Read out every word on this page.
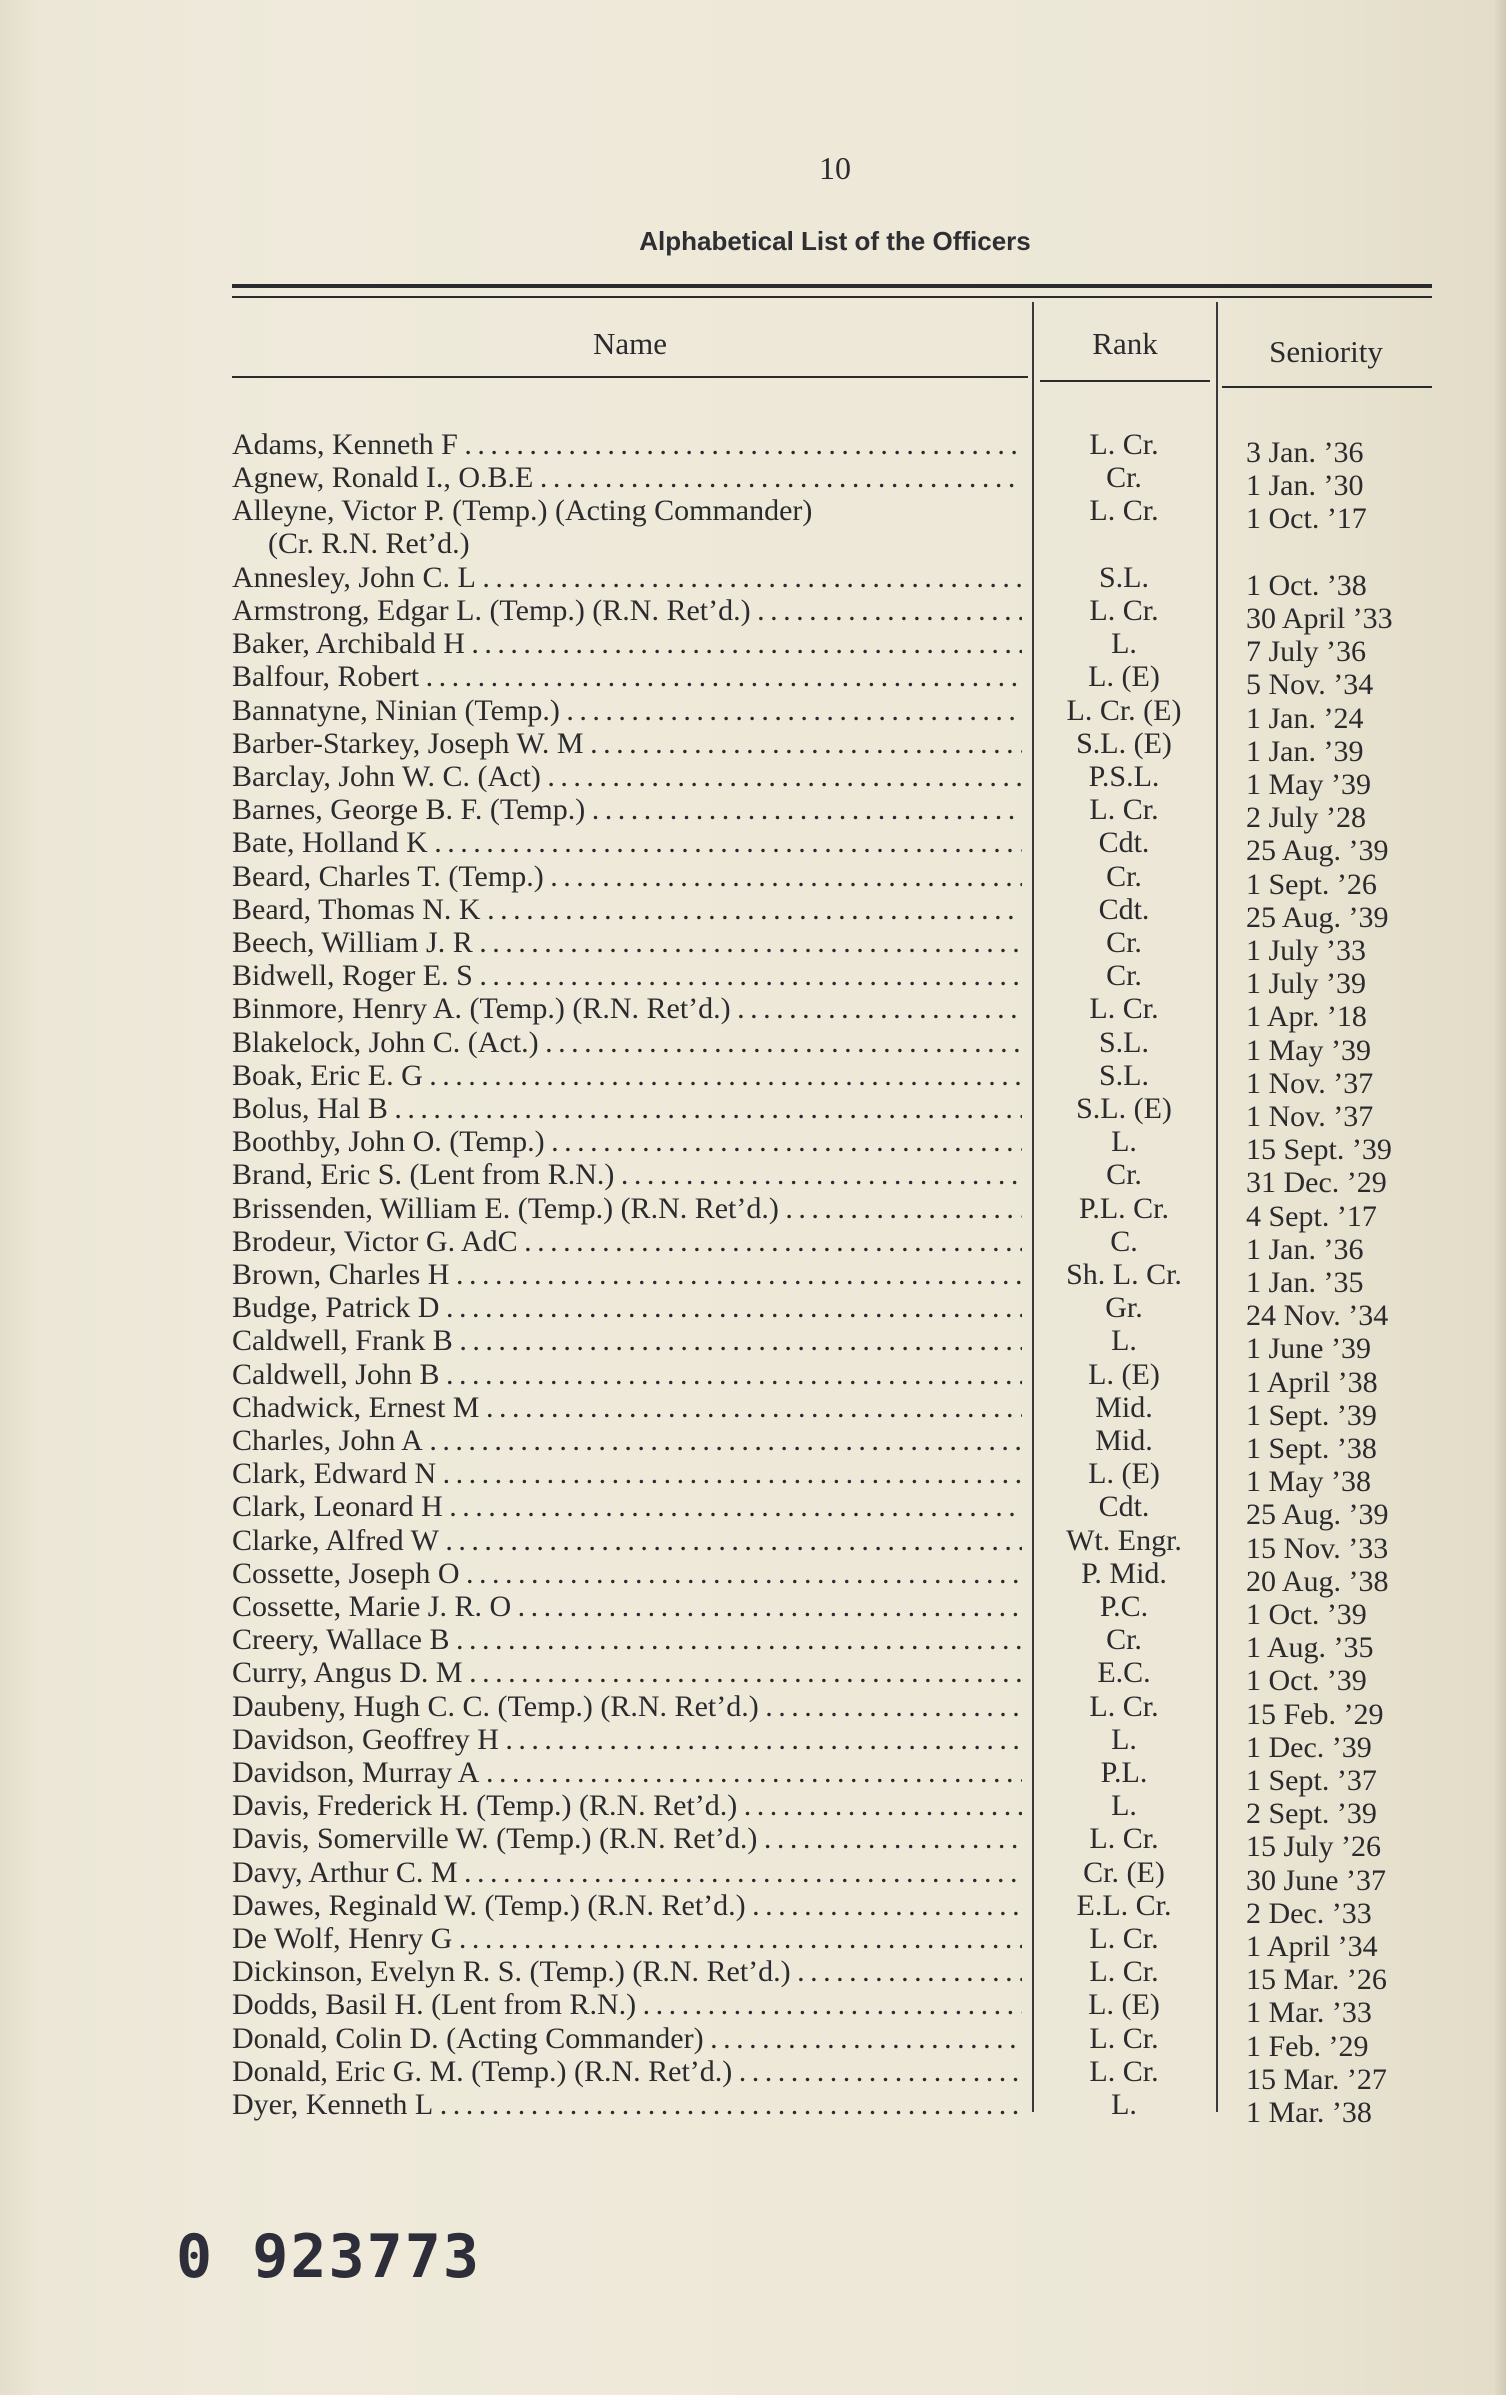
10
Alphabetical List of the Officers
Name	Rank	Seniority
Adams, Kenneth F . . .	L. Cr.	3 Jan. ’36
Agnew, Ronald I., O.B.E . . .	Cr.	1 Jan. ’30
Alleyne, Victor P. (Temp.) (Acting Commander)
(Cr. R.N. Ret’d.)
L. Cr.	1 Oct. ’17
Annesley, John C. L . . .	S.L.	1 Oct. ’38
Armstrong, Edgar L. (Temp.) (R.N. Ret’d.) . . .	L. Cr.	30 April ’33
Baker, Archibald H . . .	L.	7 July ’36
Balfour, Robert . . .	L. (E)	5 Nov. ’34
Bannatyne, Ninian (Temp.) . . .	L. Cr. (E)	1 Jan. ’24
Barber-Starkey, Joseph W. M . . .	S.L. (E)	1 Jan. ’39
Barclay, John W. C. (Act) . . .	P.S.L.	1 May ’39
Barnes, George B. F. (Temp.) . . .	L. Cr.	2 July ’28
Bate, Holland K . . .	Cdt.	25 Aug. ’39
Beard, Charles T. (Temp.) . . .	Cr.	1 Sept. ’26
Beard, Thomas N. K . . .	Cdt.	25 Aug. ’39
Beech, William J. R . . .	Cr.	1 July ’33
Bidwell, Roger E. S . . .	Cr.	1 July ’39
Binmore, Henry A. (Temp.) (R.N. Ret’d.) . . .	L. Cr.	1 Apr. ’18
Blakelock, John C. (Act.) . . .	S.L.	1 May ’39
Boak, Eric E. G . . .	S.L.	1 Nov. ’37
Bolus, Hal B . . .	S.L. (E)	1 Nov. ’37
Boothby, John O. (Temp.) . . .	L.	15 Sept. ’39
Brand, Eric S. (Lent from R.N.) . . .	Cr.	31 Dec. ’29
Brissenden, William E. (Temp.) (R.N. Ret’d.) . . .	P.L. Cr.	4 Sept. ’17
Brodeur, Victor G. AdC . . .	C.	1 Jan. ’36
Brown, Charles H . . .	Sh. L. Cr.	1 Jan. ’35
Budge, Patrick D . . .	Gr.	24 Nov. ’34
Caldwell, Frank B . . .	L.	1 June ’39
Caldwell, John B . . .	L. (E)	1 April ’38
Chadwick, Ernest M . . .	Mid.	1 Sept. ’39
Charles, John A . . .	Mid.	1 Sept. ’38
Clark, Edward N . . .	L. (E)	1 May ’38
Clark, Leonard H . . .	Cdt.	25 Aug. ’39
Clarke, Alfred W . . .	Wt. Engr.	15 Nov. ’33
Cossette, Joseph O . . .	P. Mid.	20 Aug. ’38
Cossette, Marie J. R. O . . .	P.C.	1 Oct. ’39
Creery, Wallace B . . .	Cr.	1 Aug. ’35
Curry, Angus D. M . . .	E.C.	1 Oct. ’39
Daubeny, Hugh C. C. (Temp.) (R.N. Ret’d.) . . .	L. Cr.	15 Feb. ’29
Davidson, Geoffrey H . . .	L.	1 Dec. ’39
Davidson, Murray A . . .	P.L.	1 Sept. ’37
Davis, Frederick H. (Temp.) (R.N. Ret’d.) . . .	L.	2 Sept. ’39
Davis, Somerville W. (Temp.) (R.N. Ret’d.) . . .	L. Cr.	15 July ’26
Davy, Arthur C. M . . .	Cr. (E)	30 June ’37
Dawes, Reginald W. (Temp.) (R.N. Ret’d.) . . .	E.L. Cr.	2 Dec. ’33
De Wolf, Henry G . . .	L. Cr.	1 April ’34
Dickinson, Evelyn R. S. (Temp.) (R.N. Ret’d.) . . .	L. Cr.	15 Mar. ’26
Dodds, Basil H. (Lent from R.N.) . . .	L. (E)	1 Mar. ’33
Donald, Colin D. (Acting Commander) . . .	L. Cr.	1 Feb. ’29
Donald, Eric G. M. (Temp.) (R.N. Ret’d.) . . .	L. Cr.	15 Mar. ’27
Dyer, Kenneth L . . .	L.	1 Mar. ’38
0 923773
